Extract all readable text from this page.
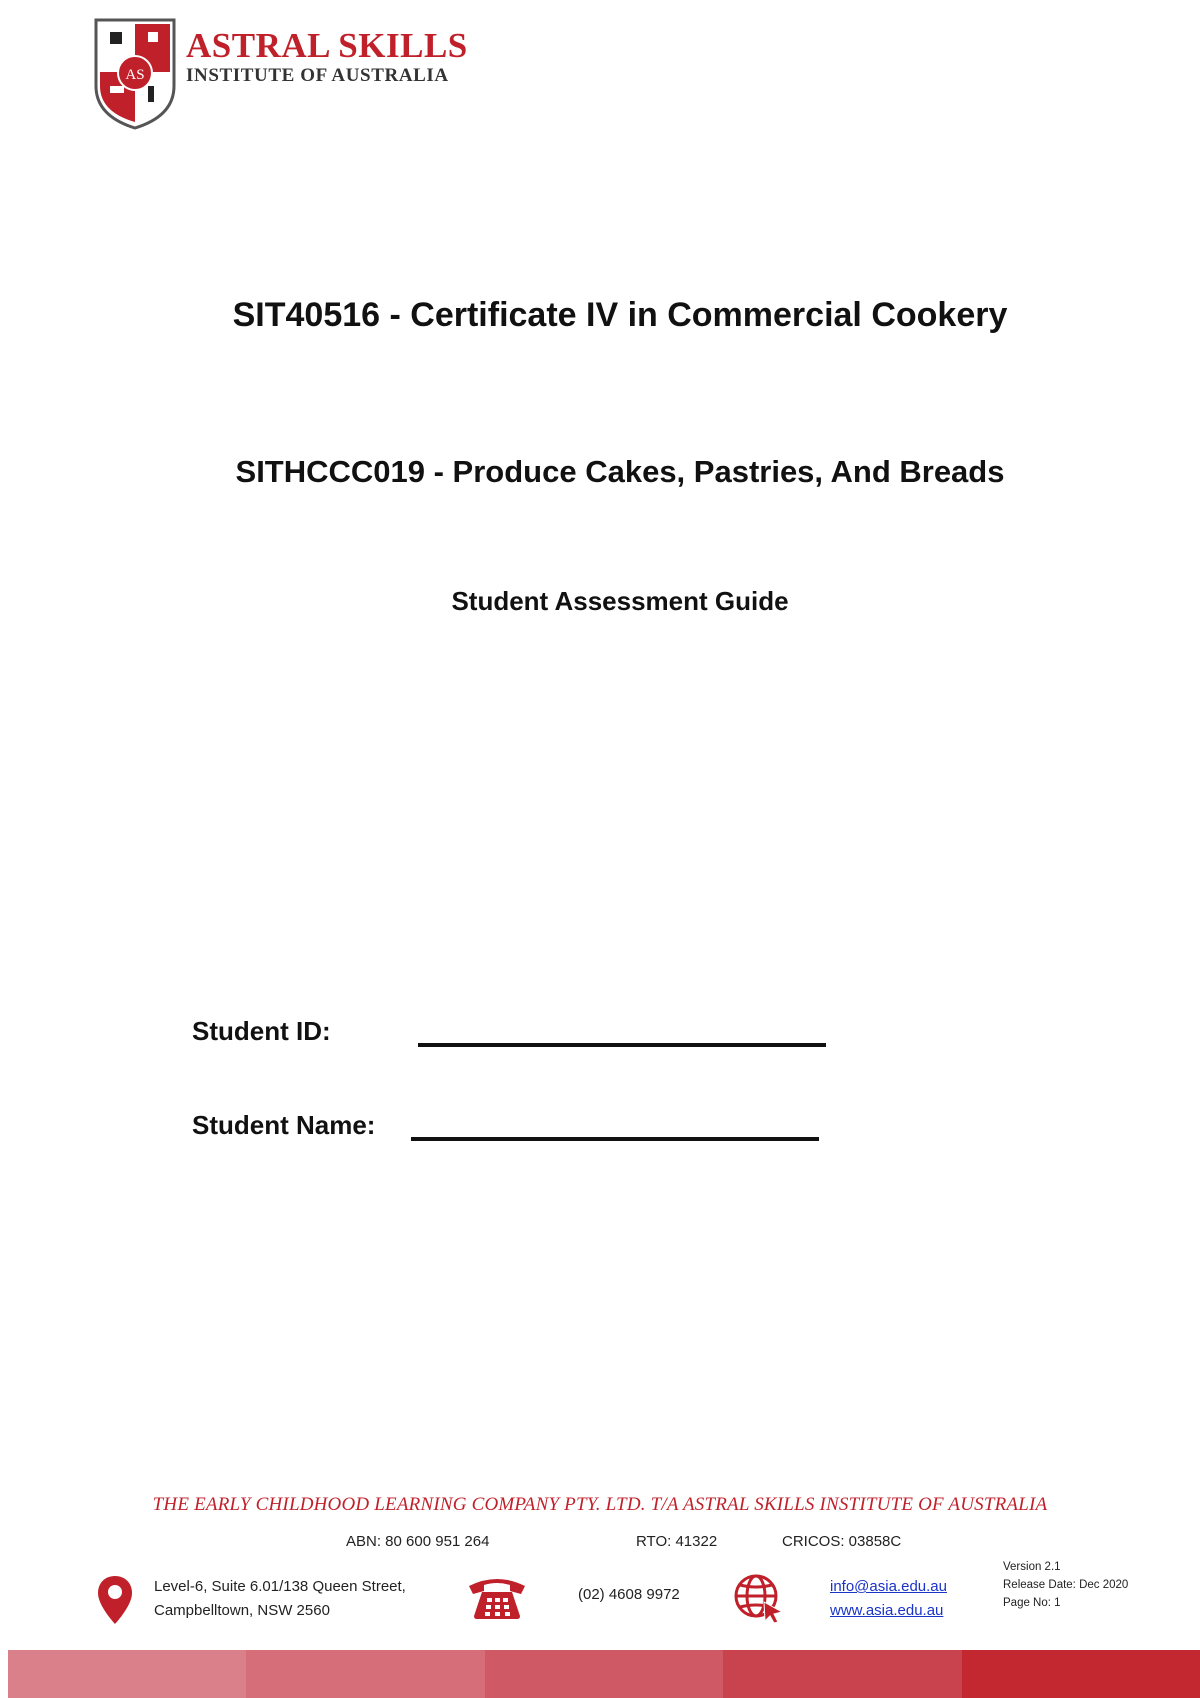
AS
ASTRAL SKILLS
INSTITUTE OF AUSTRALIA
SIT40516 - Certificate IV in Commercial Cookery
SITHCCC019 - Produce Cakes, Pastries, And Breads
Student Assessment Guide
Student ID:
Student Name:
THE EARLY CHILDHOOD LEARNING COMPANY PTY. LTD. T/A ASTRAL SKILLS INSTITUTE OF AUSTRALIA
ABN: 80 600 951 264	RTO: 41322	CRICOS: 03858C
Level-6, Suite 6.01/138 Queen Street,
Campbelltown, NSW 2560
(02) 4608 9972	info@asia.edu.au
www.asia.edu.au
Version 2.1
Release Date: Dec 2020
Page No: 1
